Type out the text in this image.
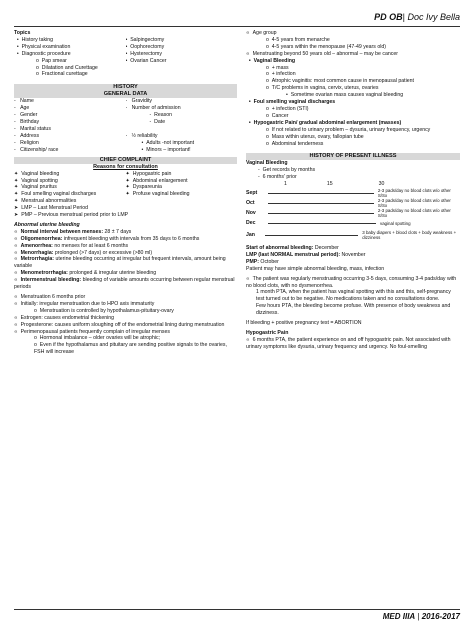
PD OB| Doc Ivy Bella
Topics
•  History taking
•  Physical examination
•  Diagnostic procedure
o  Pap smear
o  Dilatation and Curettage
o  Fractional curettage
•  Salpingectomy
•  Oophorectomy
•  Hysterectomy
•  Ovarian Cancer
HISTORY
GENERAL DATA
-   Name
-   Age
-   Gender
-   Birthday
-   Marital status
-   Address
-   Religion
-   Citizenship/ race
-   Gravidity
-   Number of admission
-  Reason
-  Date

-   ½ reliability
•  Adults -not important
•  Minors – important!
CHIEF COMPLAINT
Reasons for consultation
✦  Vaginal bleeding
✦  Vaginal spotting
✦  Vaginal pruritus
✦  Foul smelling vaginal discharges
✦  Menstrual abnormalities
✦  Hypogastric pain
✦  Abdominal enlargement
✦  Dyspareunia
✦  Profuse vaginal bleeding
➤  LMP – Last Menstrual Period
➤  PMP – Previous menstrual period prior to LMP
Abnormal uterine bleeding
∝  Normal interval between menses: 28 ± 7 days
∝  Oligomenorrhea: infrequent bleeding with intervals from 35 days to 6 months
∝  Amenorrhea: no menses for at least 6 months
∝  Menorrhagia: prolonged (>7 days) or excessive (>80 ml)
∝  Metrorrhagia: uterine bleeding occurring at irregular but frequent intervals, amount being variable
∝  Menometrorrhagia: prolonged & irregular uterine bleeding
∝  Intermenstrual bleeding: bleeding of variable amounts occurring between regular menstrual periods
∝  Menstruation 6 months prior
∝  Initially: irregular menstruation due to HPO axis immaturity
o  Menstruation is controlled by hypothalamus-pituitary-ovary
∝  Estrogen: causes endometrial thickening
∝  Progesterone: causes uniform sloughing off of the endometrial lining during menstruation
∝  Perimenopausal patients frequently complain of irregular menses
o  Hormonal imbalance – older ovaries will be atrophic;
o  Even if the hypothalamus and pituitary are sending positive signals to the ovaries, FSH will increase
∝  Age group
o  4-5 years from menarche
o  4-5 years within the menopause (47-49 years old)
∝  Menstruating beyond 50 years old – abnormal – may be cancer
•  Vaginal Bleeding
o  + mass
o  + infection
o  Atrophic vaginitis: most common cause in menopausal patient
o  T/C problems in vagina, cervix, uterus, ovaries
•  Sometime ovarian mass causes vaginal bleeding
•  Foul smelling vaginal discharges
o  + infection (STI)
o  Cancer
•  Hypogastric Pain/ gradual abdominal enlargement (masses)
o  If not related to urinary problem – dysuria, urinary frequency, urgency
o  Mass within uterus, ovary, fallopian tube
o  Abdominal tenderness
HISTORY OF PRESENT ILLNESS
Vaginal Bleeding
-  Get records by months
-  6 months' prior
1	15	30
Sept	2-3 pads/day no blood clots w/o other S/Sx
Oct	2-3 pads/day no blood clots w/o other S/Sx
Nov	2-3 pads/day no blood clots w/o other S/Sx
Dec	vaginal spotting
Jan	3 baby diapers + blood clots + body weakness + dizziness
Start of abnormal bleeding: December
LMP (last NORMAL menstrual period): November
PMP: October
Patient may have simple abnormal bleeding, mass, infection
∝  The patient was regularly menstruating occurring 3-5 days, consuming 3-4 pads/day with no blood clots, with no dysmenorrhea.
1 month PTA, when the patient has vaginal spotting with this and this, self-pregnancy test turned out to be negative. No medications taken and no consultations done.
Few hours PTA, the bleeding become profuse. With presence of body weakness and dizziness.
If bleeding + positive pregnancy test = ABORTION
Hypogastric Pain
∝  6 months PTA, the patient experience on and off hypogastric pain. Not associated with urinary symptoms like dysuria, urinary frequency and urgency. No foul-smelling
MED IIIA | 2016-2017
